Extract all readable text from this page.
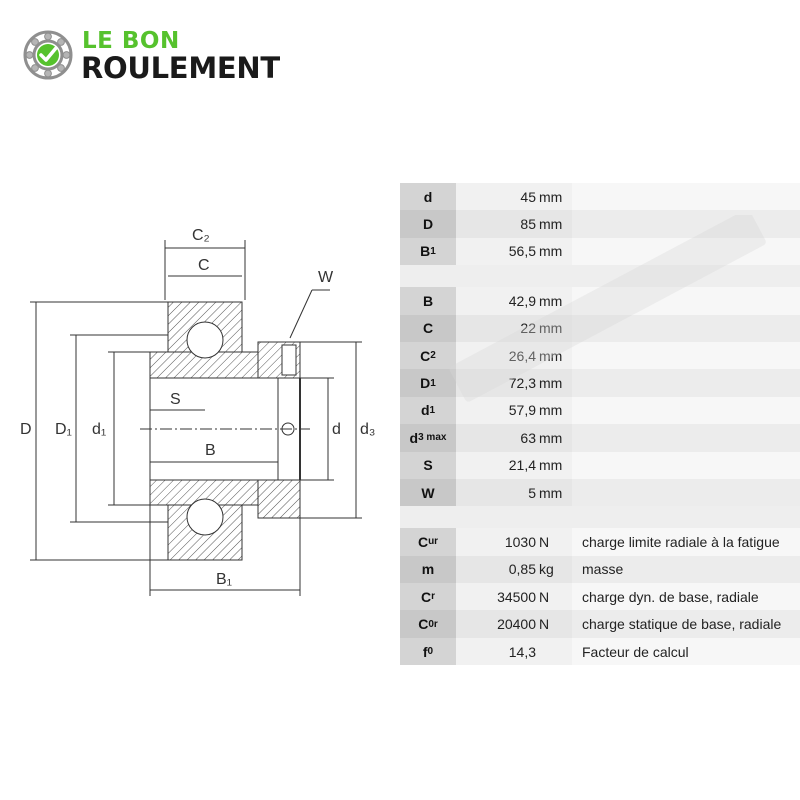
LE BON
ROULEMENT
C₂
C
W
D D₁ d₁
S
B
d d₃
B₁
d	45 mm
D	85 mm
B 1	56,5 mm
B	42,9 mm
C	22 mm
C 2	26,4 mm
D 1	72,3 mm
d 1	57,9 mm
d 3 max	63 mm
S	21,4 mm
W	5 mm
C ur	1030 N	charge limite radiale à la fatigue
m	0,85 kg	masse
C r	34500 N	charge dyn. de base, radiale
C 0r	20400 N	charge statique de base, radiale
f 0	14,3	Facteur de calcul
